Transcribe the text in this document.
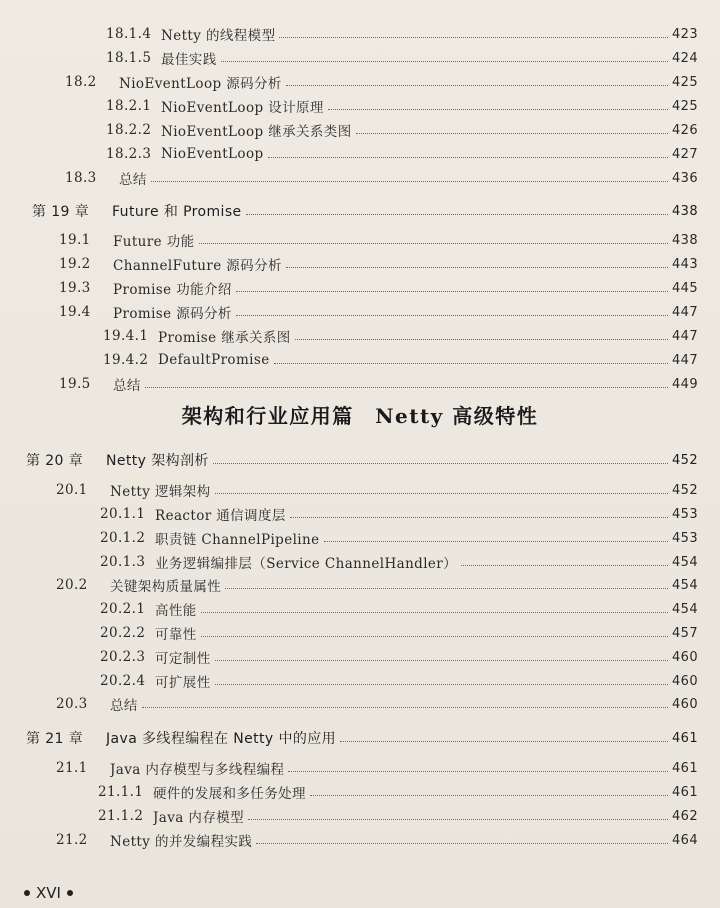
18.1.4 Netty 的线程模型	423
18.1.5 最佳实践	424
18.2	NioEventLoop 源码分析	425
18.2.1 NioEventLoop 设计原理	425
18.2.2 NioEventLoop 继承关系类图	426
18.2.3 NioEventLoop	427
18.3	总结	436
第 19 章	Future 和 Promise	438
19.1	Future 功能	438
19.2	ChannelFuture 源码分析	443
19.3	Promise 功能介绍	445
19.4	Promise 源码分析	447
19.4.1 Promise 继承关系图	447
19.4.2 DefaultPromise	447
19.5	总结	449
架构和行业应用篇　Netty 高级特性
第 20 章	Netty 架构剖析	452
20.1	Netty 逻辑架构	452
20.1.1 Reactor 通信调度层	453
20.1.2 职责链 ChannelPipeline	453
20.1.3 业务逻辑编排层（Service ChannelHandler）	454
20.2	关键架构质量属性	454
20.2.1 高性能	454
20.2.2 可靠性	457
20.2.3 可定制性	460
20.2.4 可扩展性	460
20.3	总结	460
第 21 章	Java 多线程编程在 Netty 中的应用	461
21.1	Java 内存模型与多线程编程	461
21.1.1 硬件的发展和多任务处理	461
21.1.2 Java 内存模型	462
21.2	Netty 的并发编程实践	464
XVI
